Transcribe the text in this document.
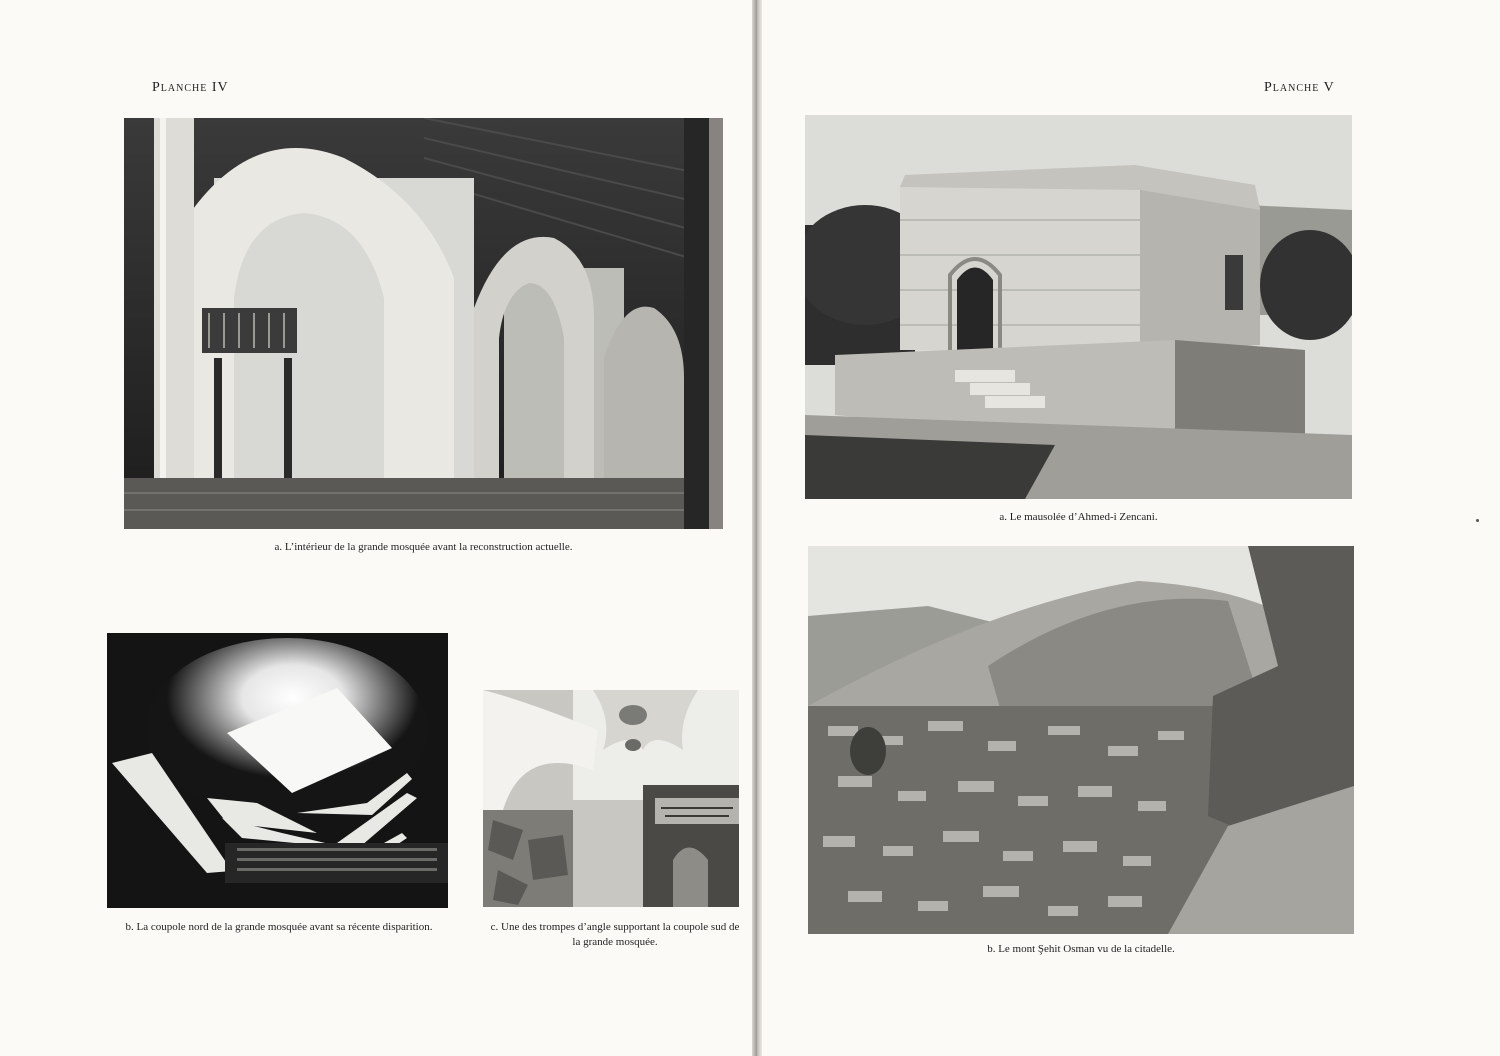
Planche IV
a. L’intérieur de la grande mosquée avant la reconstruction actuelle.
b. La coupole nord de la grande mosquée avant sa récente disparition.	c. Une des trompes d’angle supportant la coupole sud de la grande mosquée.
Planche V
a. Le mausolée d’Ahmed-i Zencani.
b. Le mont Şehit Osman vu de la citadelle.
